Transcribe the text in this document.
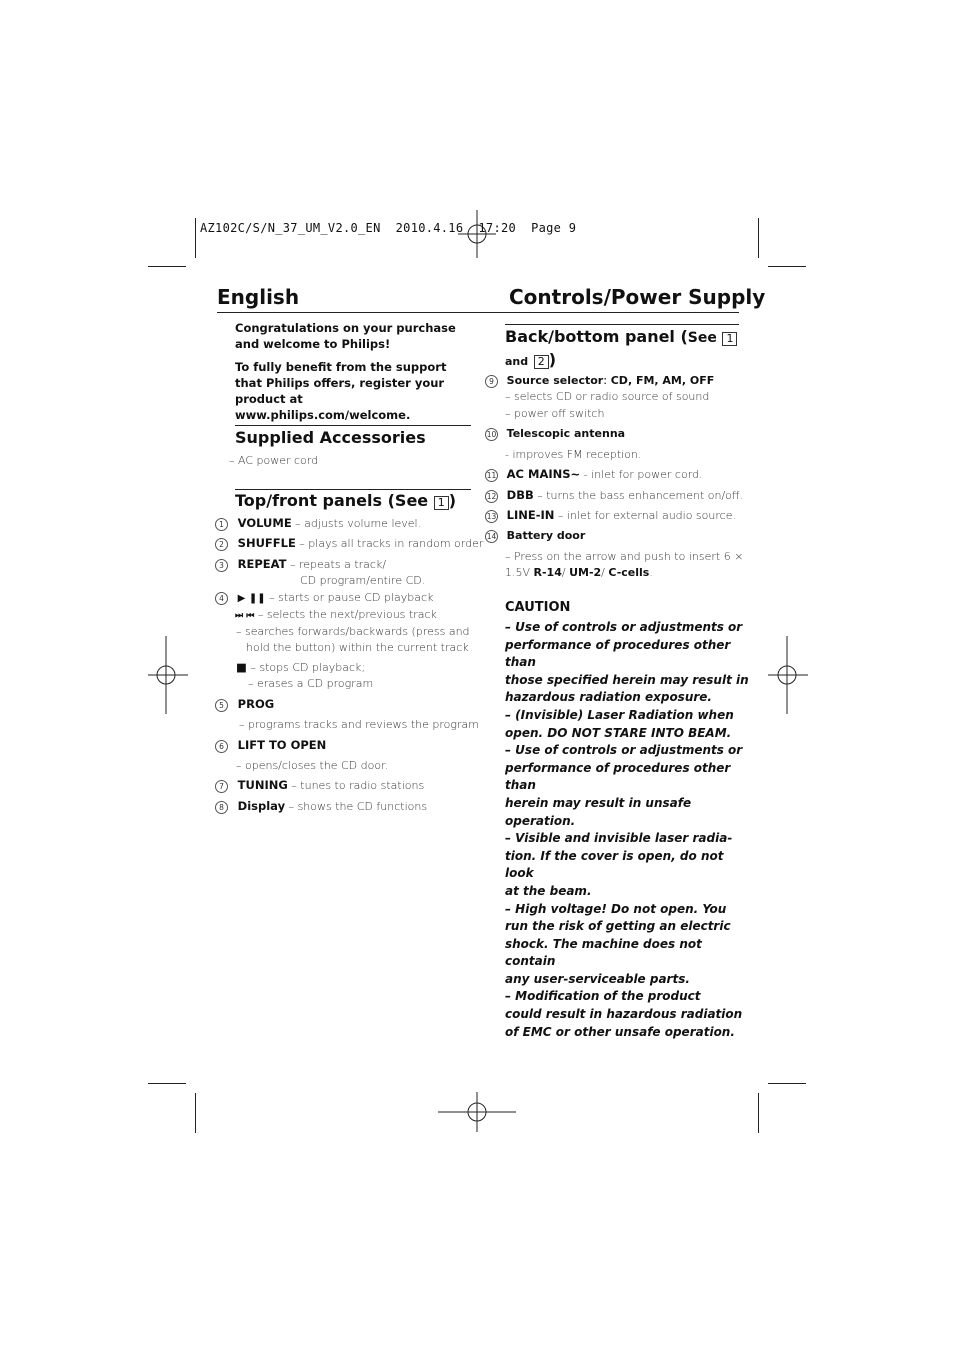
AZ102C/S/N_37_UM_V2.0_EN  2010.4.16  17:20  Page 9
English	Controls/Power Supply
Congratulations on your purchase and welcome to Philips!
To fully benefit from the support that Philips offers, register your product at www.philips.com/welcome.
Supplied Accessories
– AC power cord
Top/front panels (See 1 )
1 VOLUME – adjusts volume level.
2 SHUFFLE – plays all tracks in random order
3 REPEAT – repeats a track/
CD program/entire CD.
4 ▶ ❚❚ – starts or pause CD playback
⏭ ⏮ – selects the next/previous track
– searches forwards/backwards (press and
hold the button) within the current track
■ – stops CD playback;
– erases a CD program
5 PROG
– programs tracks and reviews the program
6 LIFT TO OPEN
– opens/closes the CD door.
7 TUNING – tunes to radio stations
8 Display – shows the CD functions
Back/bottom panel (See 1
and 2 )
9 Source selector: CD, FM, AM, OFF
– selects CD or radio source of sound
– power off switch
10 Telescopic antenna
- improves FM reception.
11 AC MAINS~ - inlet for power cord.
12 DBB – turns the bass enhancement on/off.
13 LINE-IN – inlet for external audio source.
14 Battery door
– Press on the arrow and push to insert 6 ×
1.5V R-14/ UM-2/ C-cells.
CAUTION
– Use of controls or adjustments or
performance of procedures other than
those specified herein may result in
hazardous radiation exposure.
– (Invisible) Laser Radiation when
open. DO NOT STARE INTO BEAM.
– Use of controls or adjustments or
performance of procedures other than
herein may result in unsafe operation.
– Visible and invisible laser radia-
tion. If the cover is open, do not look
at the beam.
– High voltage! Do not open. You
run the risk of getting an electric
shock. The machine does not contain
any user-serviceable parts.
– Modification of the product
could result in hazardous radiation
of EMC or other unsafe operation.
